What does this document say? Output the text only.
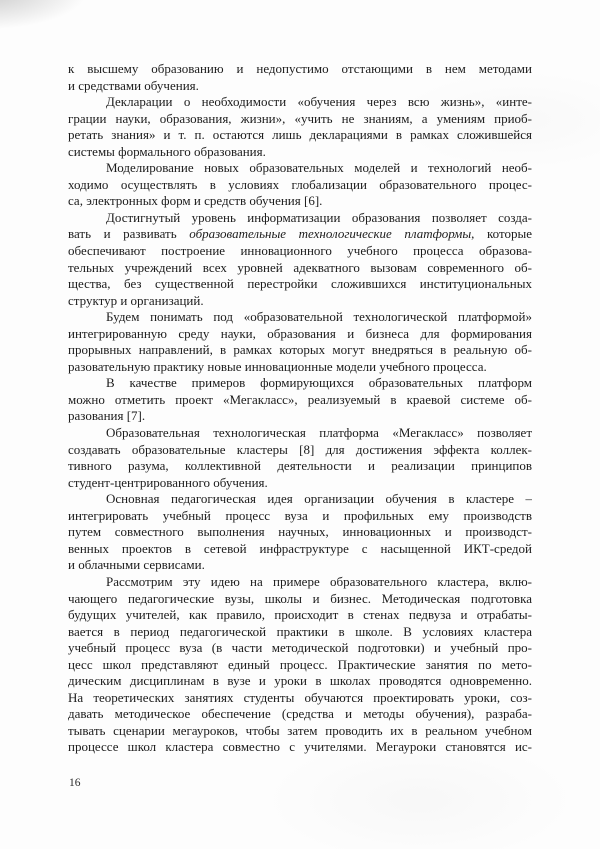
к высшему образованию и недопустимо отстающими в нем методами
и средствами обучения.

Декларации о необходимости «обучения через всю жизнь», «инте-
грации науки, образования, жизни», «учить не знаниям, а умениям приоб-
ретать знания» и т. п. остаются лишь декларациями в рамках сложившейся
системы формального образования.

Моделирование новых образовательных моделей и технологий необ-
ходимо осуществлять в условиях глобализации образовательного процес-
са, электронных форм и средств обучения [6].

Достигнутый уровень информатизации образования позволяет созда-
вать и развивать образовательные технологические платформы, которые
обеспечивают построение инновационного учебного процесса образова-
тельных учреждений всех уровней адекватного вызовам современного об-
щества, без существенной перестройки сложившихся институциональных
структур и организаций.

Будем понимать под «образовательной технологической платформой»
интегрированную среду науки, образования и бизнеса для формирования
прорывных направлений, в рамках которых могут внедряться в реальную об-
разовательную практику новые инновационные модели учебного процесса.

В качестве примеров формирующихся образовательных платформ
можно отметить проект «Мегакласс», реализуемый в краевой системе об-
разования [7].

Образовательная технологическая платформа «Мегакласс» позволяет
создавать образовательные кластеры [8] для достижения эффекта коллек-
тивного разума, коллективной деятельности и реализации принципов
студент-центрированного обучения.

Основная педагогическая идея организации обучения в кластере –
интегрировать учебный процесс вуза и профильных ему производств
путем совместного выполнения научных, инновационных и производст-
венных проектов в сетевой инфраструктуре с насыщенной ИКТ-средой
и облачными сервисами.

Рассмотрим эту идею на примере образовательного кластера, вклю-
чающего педагогические вузы, школы и бизнес. Методическая подготовка
будущих учителей, как правило, происходит в стенах педвуза и отрабаты-
вается в период педагогической практики в школе. В условиях кластера
учебный процесс вуза (в части методической подготовки) и учебный про-
цесс школ представляют единый процесс. Практические занятия по мето-
дическим дисциплинам в вузе и уроки в школах проводятся одновременно.
На теоретических занятиях студенты обучаются проектировать уроки, соз-
давать методическое обеспечение (средства и методы обучения), разраба-
тывать сценарии мегауроков, чтобы затем проводить их в реальном учебном
процессе школ кластера совместно с учителями. Мегауроки становятся ис-

16
